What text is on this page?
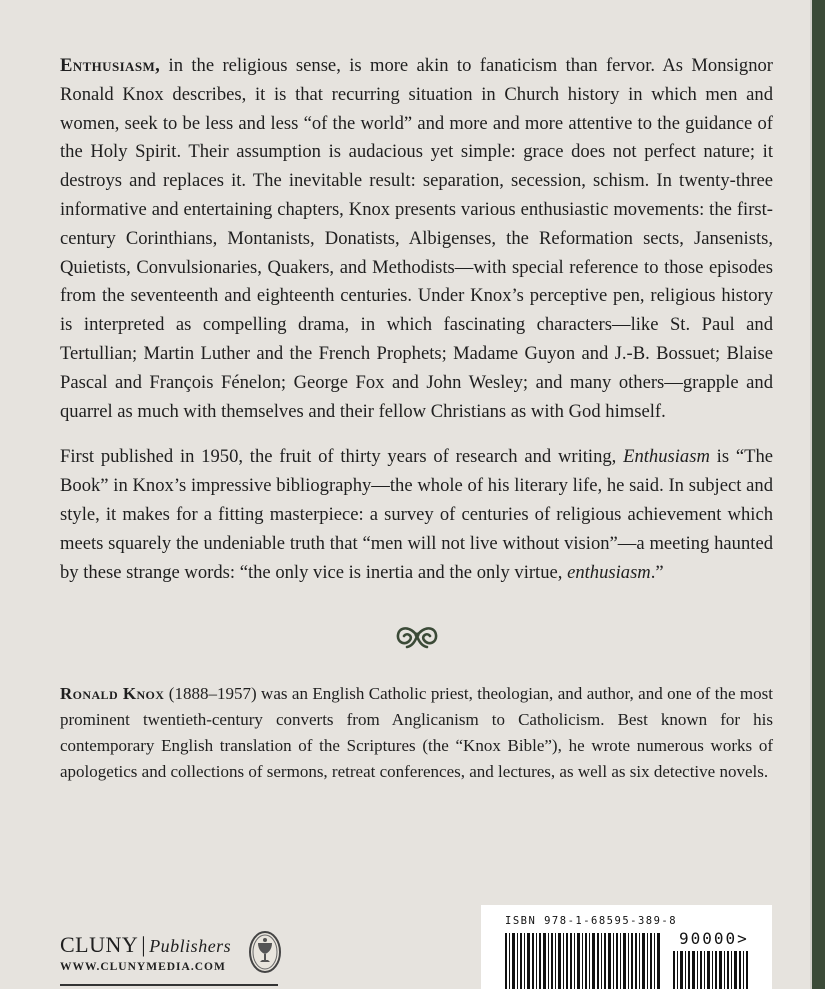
Enthusiasm, in the religious sense, is more akin to fanaticism than fervor. As Monsignor Ronald Knox describes, it is that recurring situation in Church history in which men and women, seek to be less and less “of the world” and more and more attentive to the guidance of the Holy Spirit. Their assumption is audacious yet simple: grace does not perfect nature; it destroys and replaces it. The inevitable result: separation, secession, schism. In twenty-three informative and entertaining chapters, Knox presents various enthusiastic movements: the first-century Corinthians, Montanists, Donatists, Albigenses, the Reformation sects, Jansenists, Quietists, Convulsionaries, Quakers, and Methodists—with special reference to those episodes from the seventeenth and eighteenth centuries. Under Knox’s perceptive pen, religious history is interpreted as compelling drama, in which fascinating characters—like St. Paul and Tertullian; Martin Luther and the French Prophets; Madame Guyon and J.-B. Bossuet; Blaise Pascal and François Fénelon; George Fox and John Wesley; and many others—grapple and quarrel as much with themselves and their fellow Christians as with God himself.

First published in 1950, the fruit of thirty years of research and writing, Enthusiasm is “The Book” in Knox’s impressive bibliography—the whole of his literary life, he said. In subject and style, it makes for a fitting masterpiece: a survey of centuries of religious achievement which meets squarely the undeniable truth that “men will not live without vision”—a meeting haunted by these strange words: “the only vice is inertia and the only virtue, enthusiasm.”

Ronald Knox (1888–1957) was an English Catholic priest, theologian, and author, and one of the most prominent twentieth-century converts from Anglicanism to Catholicism. Best known for his contemporary English translation of the Scriptures (the “Knox Bible”), he wrote numerous works of apologetics and collections of sermons, retreat conferences, and lectures, as well as six detective novels.

CLUNY | Publishers
WWW.CLUNYMEDIA.COM
ISBN 978-1-68595-389-8
90000>
